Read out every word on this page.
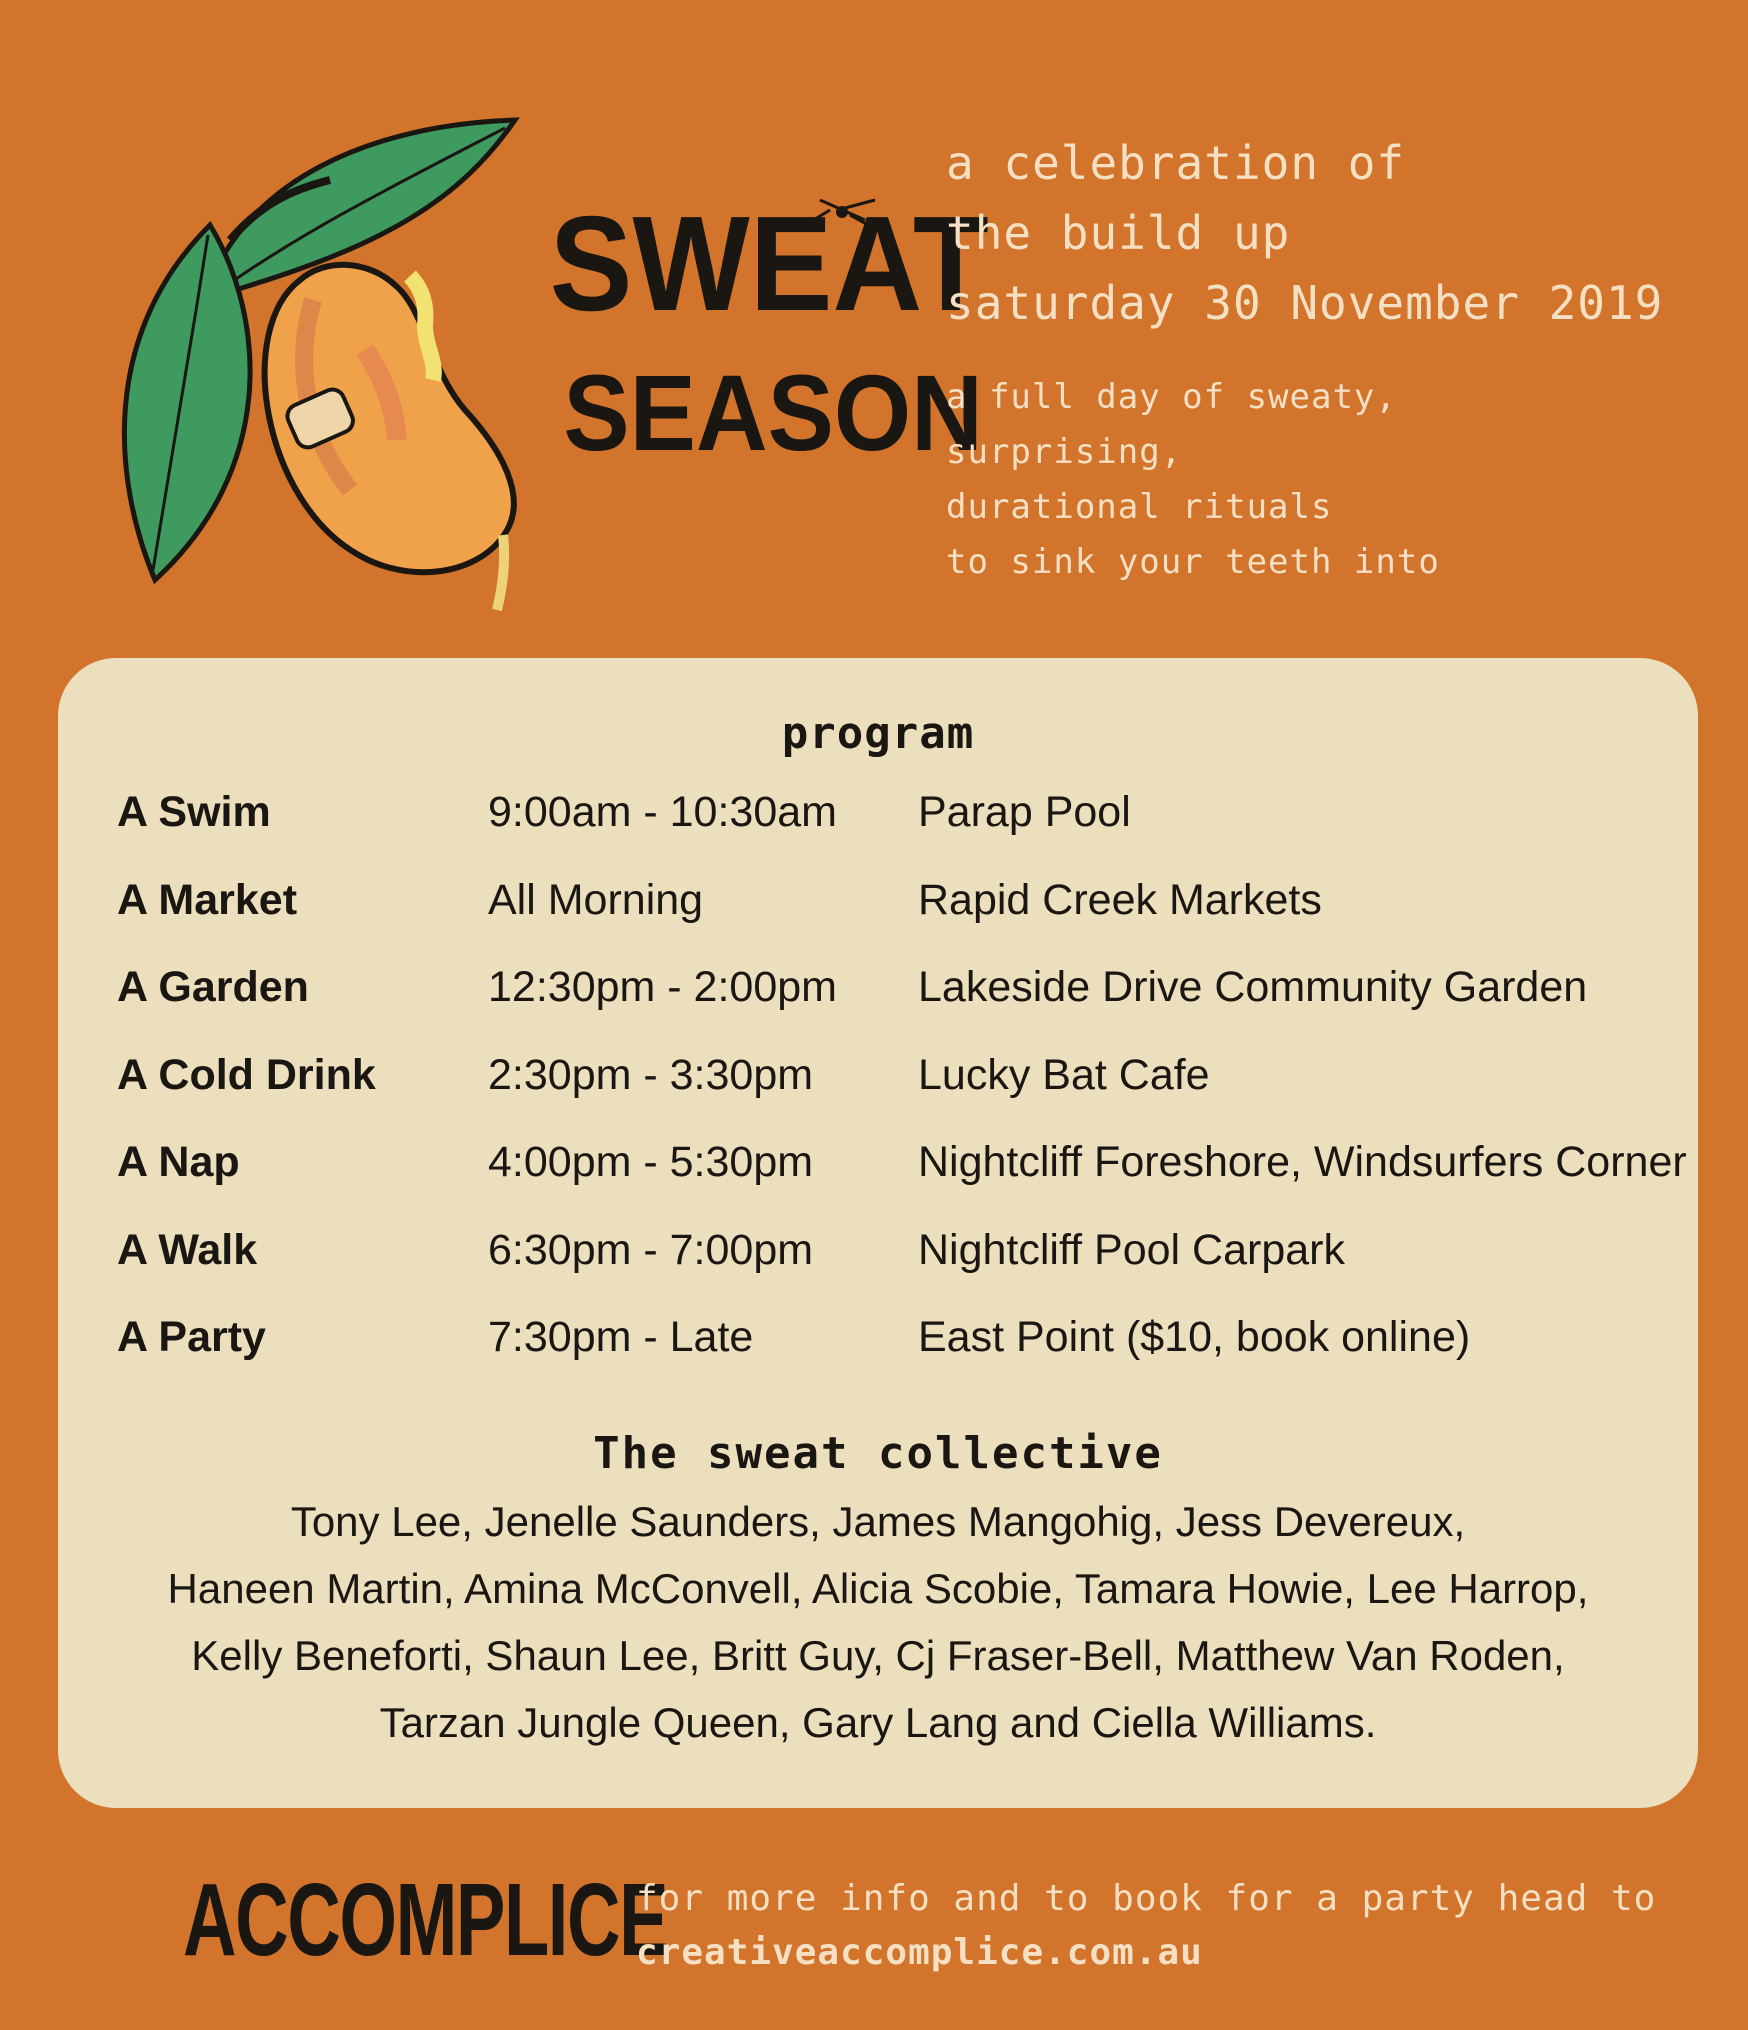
SWEAT
SEASON
a celebration of
the build up
saturday 30 November 2019
a full day of sweaty,
surprising,
durational rituals
to sink your teeth into
program
A Swim	9:00am - 10:30am Parap Pool
A Market	All Morning	Rapid Creek Markets
A Garden	12:30pm - 2:00pm Lakeside Drive Community Garden
A Cold Drink	2:30pm - 3:30pm Lucky Bat Cafe
A Nap	4:00pm - 5:30pm Nightcliff Foreshore, Windsurfers Corner
A Walk	6:30pm - 7:00pm Nightcliff Pool Carpark
A Party	7:30pm - Late	East Point ($10, book online)
The sweat collective
Tony Lee, Jenelle Saunders, James Mangohig, Jess Devereux,
Haneen Martin, Amina McConvell, Alicia Scobie, Tamara Howie, Lee Harrop,
Kelly Beneforti, Shaun Lee, Britt Guy, Cj Fraser-Bell, Matthew Van Roden,
Tarzan Jungle Queen, Gary Lang and Ciella Williams.
ACCOMPLICE
for more info and to book for a party head to
creativeaccomplice.com.au
